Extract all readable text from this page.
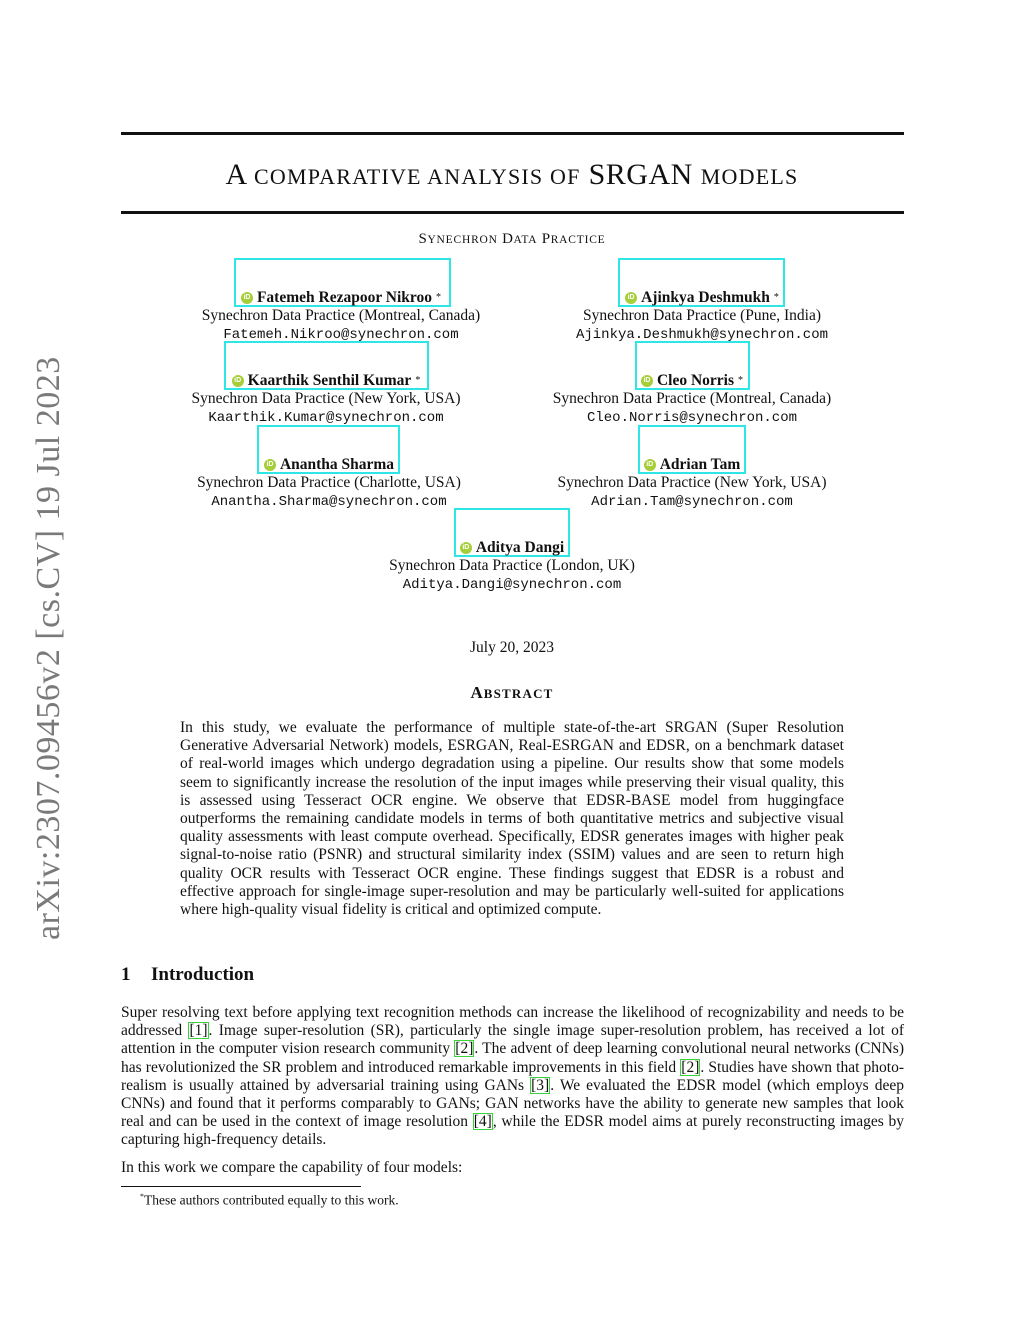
arXiv:2307.09456v2 [cs.CV] 19 Jul 2023
A COMPARATIVE ANALYSIS OF SRGAN MODELS
SYNECHRON DATA PRACTICE
iD Fatemeh Rezapoor Nikroo *
Synechron Data Practice (Montreal, Canada)
Fatemeh.Nikroo@synechron.com
iD Ajinkya Deshmukh *
Synechron Data Practice (Pune, India)
Ajinkya.Deshmukh@synechron.com
iD Kaarthik Senthil Kumar *
Synechron Data Practice (New York, USA)
Kaarthik.Kumar@synechron.com
iD Cleo Norris *
Synechron Data Practice (Montreal, Canada)
Cleo.Norris@synechron.com
iD Anantha Sharma
Synechron Data Practice (Charlotte, USA)
Anantha.Sharma@synechron.com
iD Adrian Tam
Synechron Data Practice (New York, USA)
Adrian.Tam@synechron.com
iD Aditya Dangi
Synechron Data Practice (London, UK)
Aditya.Dangi@synechron.com
July 20, 2023
ABSTRACT
In this study, we evaluate the performance of multiple state-of-the-art SRGAN (Super Resolution Generative Adversarial Network) models, ESRGAN, Real-ESRGAN and EDSR, on a benchmark dataset of real-world images which undergo degradation using a pipeline. Our results show that some models seem to significantly increase the resolution of the input images while preserving their visual quality, this is assessed using Tesseract OCR engine. We observe that EDSR-BASE model from huggingface outperforms the remaining candidate models in terms of both quantitative metrics and subjective visual quality assessments with least compute overhead. Specifically, EDSR generates images with higher peak signal-to-noise ratio (PSNR) and structural similarity index (SSIM) values and are seen to return high quality OCR results with Tesseract OCR engine. These findings suggest that EDSR is a robust and effective approach for single-image super-resolution and may be particularly well-suited for applications where high-quality visual fidelity is critical and optimized compute.
1 Introduction
Super resolving text before applying text recognition methods can increase the likelihood of recognizability and needs to be addressed [1]. Image super-resolution (SR), particularly the single image super-resolution problem, has received a lot of attention in the computer vision research community [2]. The advent of deep learning convolutional neural networks (CNNs) has revolutionized the SR problem and introduced remarkable improvements in this field [2]. Studies have shown that photo-realism is usually attained by adversarial training using GANs [3]. We evaluated the EDSR model (which employs deep CNNs) and found that it performs comparably to GANs; GAN networks have the ability to generate new samples that look real and can be used in the context of image resolution [4], while the EDSR model aims at purely reconstructing images by capturing high-frequency details.
In this work we compare the capability of four models:
*These authors contributed equally to this work.
